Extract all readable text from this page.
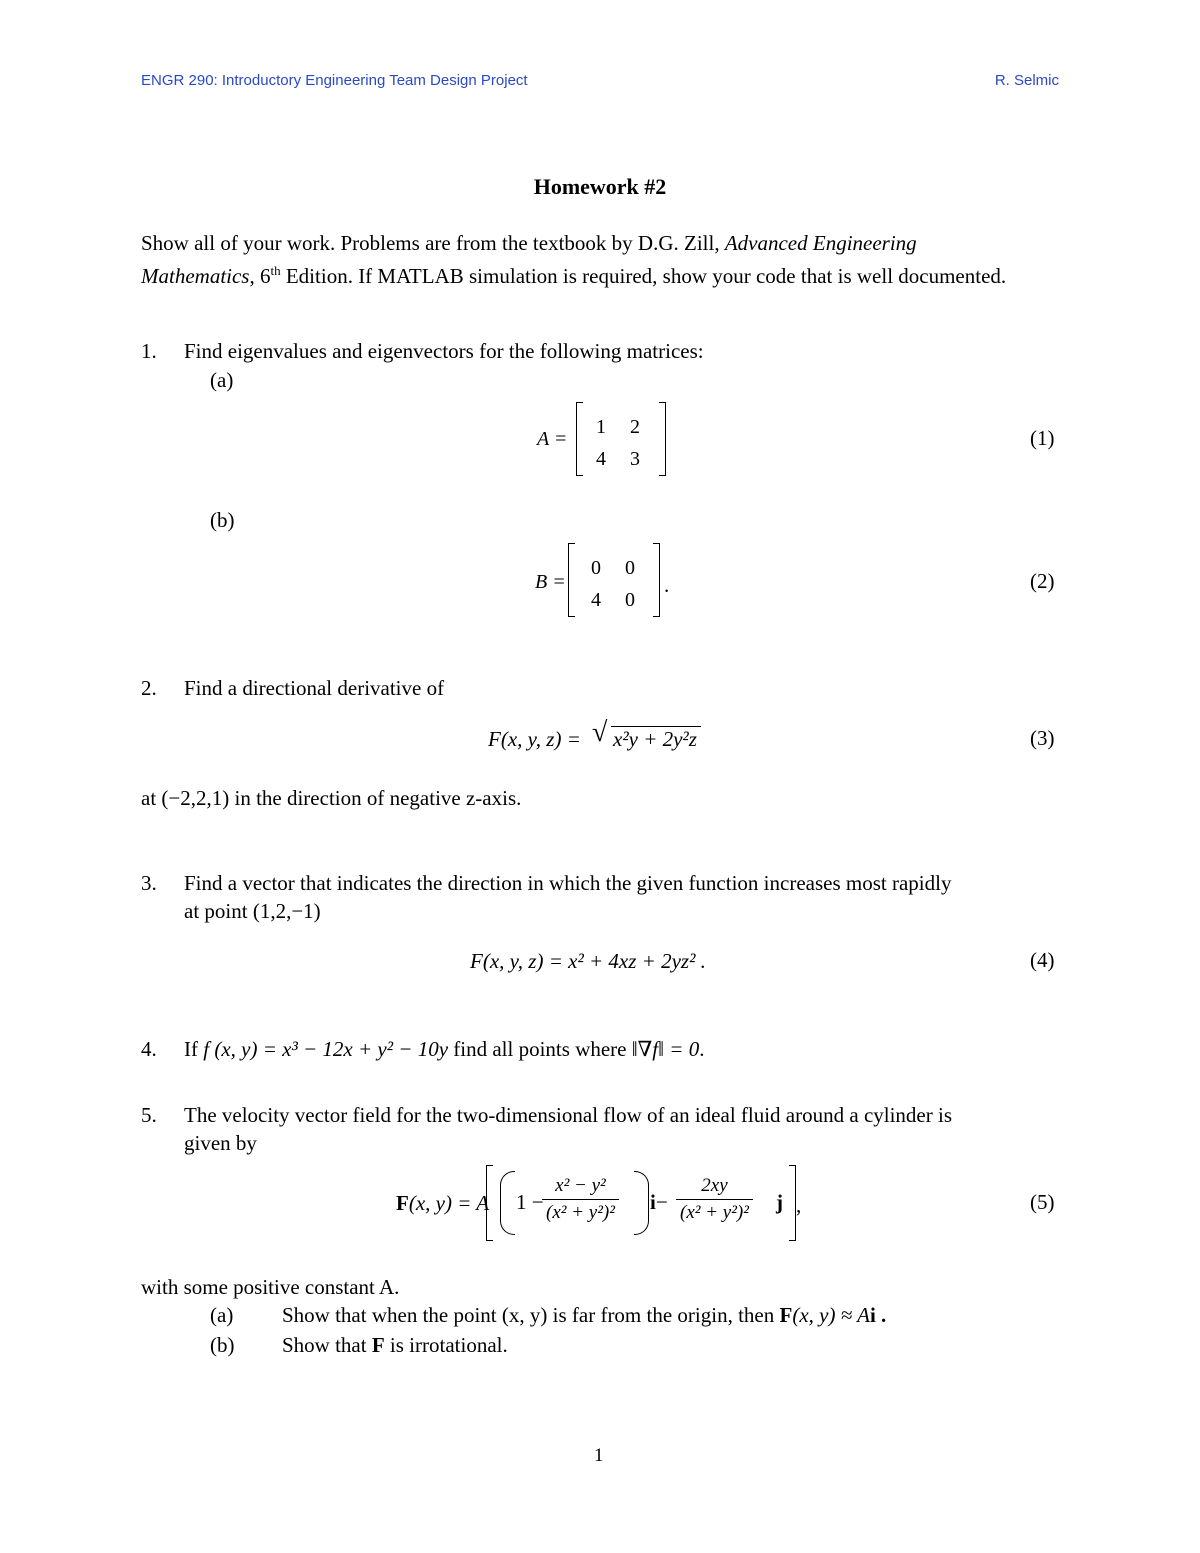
ENGR 290: Introductory Engineering Team Design Project	R. Selmic
Homework #2
Show all of your work. Problems are from the textbook by D.G. Zill, Advanced Engineering Mathematics, 6th Edition. If MATLAB simulation is required, show your code that is well documented.
1. Find eigenvalues and eigenvectors for the following matrices:
(a)
A =
1	2
4	3
(1)
(b)
B =
0	0
4	0
.	(2)
2. Find a directional derivative of
F(x, y, z) = √ x²y + 2y²z	(3)
at (−2,2,1) in the direction of negative z-axis.
3. Find a vector that indicates the direction in which the given function increases most rapidly
at point (1,2,−1)
F(x, y, z) = x² + 4xz + 2yz² .	(4)
4. If f (x, y) = x³ − 12x + y² − 10y find all points where ‖∇f‖ = 0.
5. The velocity vector field for the two-dimensional flow of an ideal fluid around a cylinder is
given by
F(x, y) = A 1 −
$\frac{\text{x² − y²}}{\text{(x² + y²)²}}$ $i - \frac{2xy}{\text{(x² + y²)²}}$ j ,	(5)
with some positive constant A.
(a) Show that when the point (x, y) is far from the origin, then F(x, y) ≈ Ai .
(b) Show that F is irrotational.
1
